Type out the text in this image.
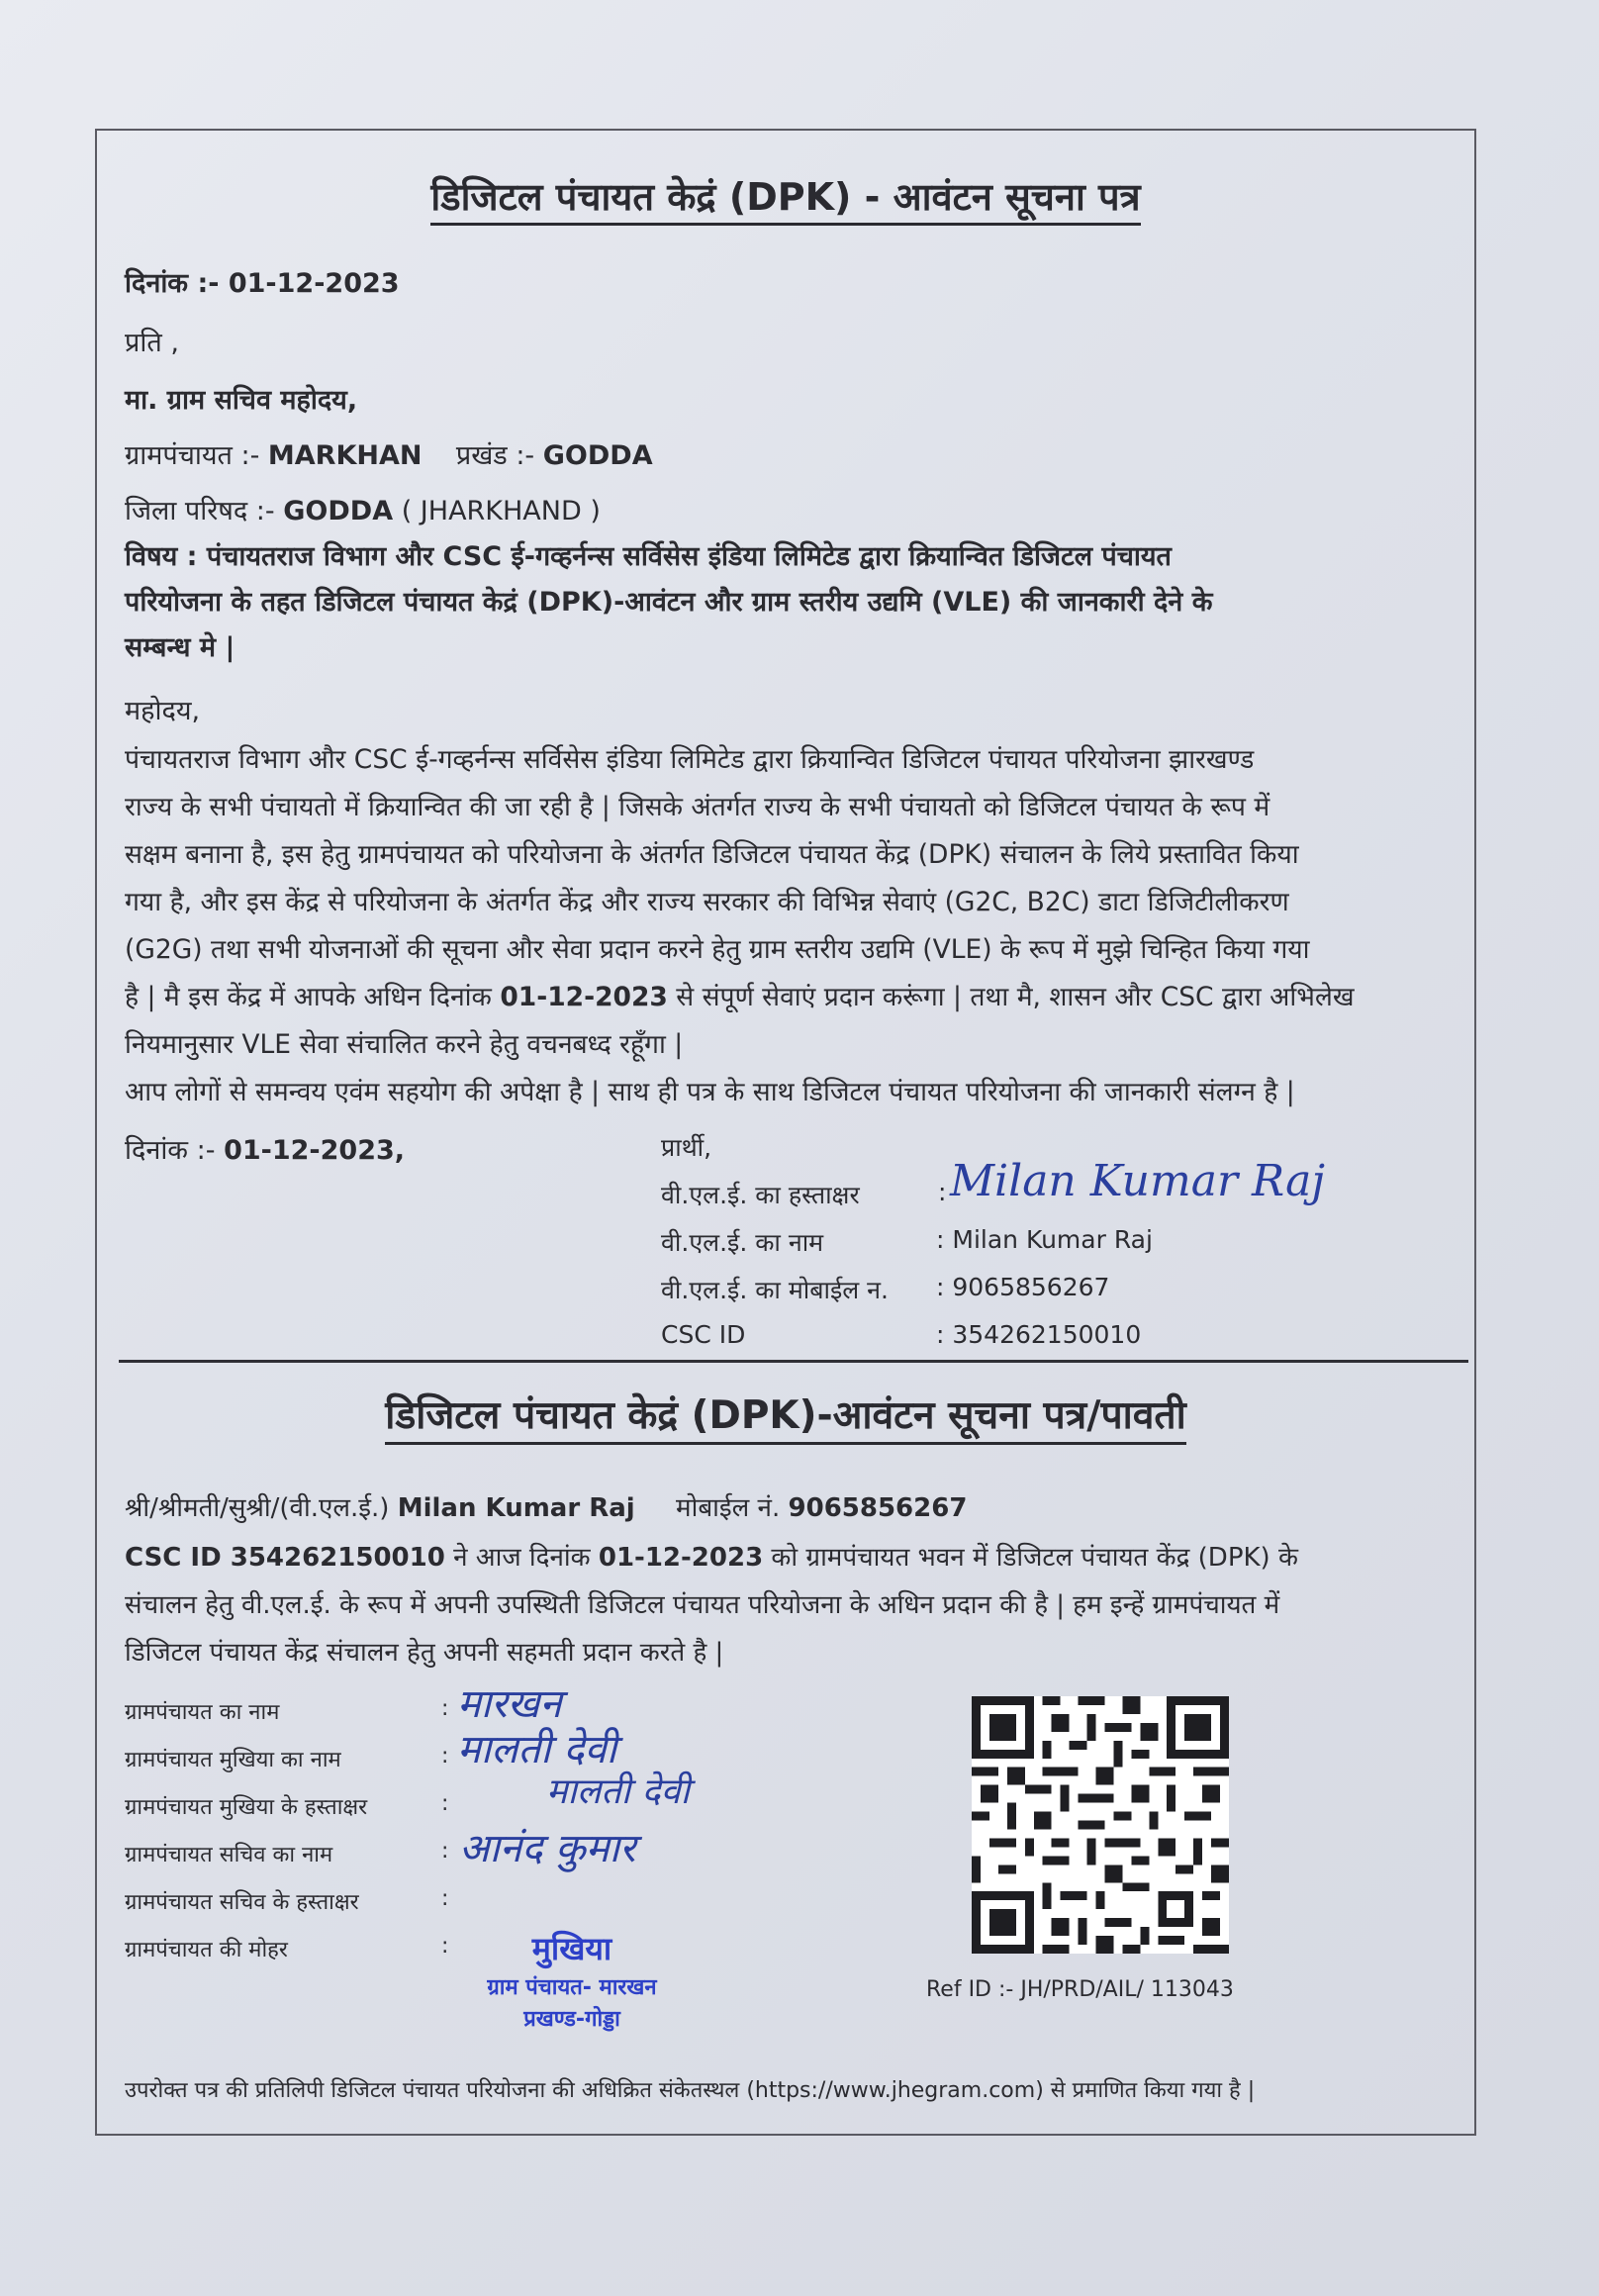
डिजिटल पंचायत केद्रं (DPK) - आवंटन सूचना पत्र
दिनांक :- 01-12-2023
प्रति ,
मा. ग्राम सचिव महोदय,
ग्रामपंचायत :- MARKHAN प्रखंड :- GODDA
जिला परिषद :- GODDA ( JHARKHAND )
विषय : पंचायतराज विभाग और CSC ई-गव्हर्नन्स सर्विसेस इंडिया लिमिटेड द्वारा क्रियान्वित डिजिटल पंचायत
परियोजना के तहत डिजिटल पंचायत केद्रं (DPK)-आवंटन और ग्राम स्तरीय उद्यमि (VLE) की जानकारी देने के
सम्बन्ध मे |
महोदय,
पंचायतराज विभाग और CSC ई-गव्हर्नन्स सर्विसेस इंडिया लिमिटेड द्वारा क्रियान्वित डिजिटल पंचायत परियोजना झारखण्ड
राज्य के सभी पंचायतो में क्रियान्वित की जा रही है | जिसके अंतर्गत राज्य के सभी पंचायतो को डिजिटल पंचायत के रूप में
सक्षम बनाना है, इस हेतु ग्रामपंचायत को परियोजना के अंतर्गत डिजिटल पंचायत केंद्र (DPK) संचालन के लिये प्रस्तावित किया
गया है, और इस केंद्र से परियोजना के अंतर्गत केंद्र और राज्य सरकार की विभिन्न सेवाएं (G2C, B2C) डाटा डिजिटीलीकरण
(G2G) तथा सभी योजनाओं की सूचना और सेवा प्रदान करने हेतु ग्राम स्तरीय उद्यमि (VLE) के रूप में मुझे चिन्हित किया गया
है | मै इस केंद्र में आपके अधिन दिनांक 01-12-2023 से संपूर्ण सेवाएं प्रदान करूंगा | तथा मै, शासन और CSC द्वारा अभिलेख
नियमानुसार VLE सेवा संचालित करने हेतु वचनबध्द रहूँगा |
आप लोगों से समन्वय एवंम सहयोग की अपेक्षा है | साथ ही पत्र के साथ डिजिटल पंचायत परियोजना की जानकारी संलग्न है |
दिनांक :- 01-12-2023,	प्रार्थी,
वी.एल.ई. का हस्ताक्षर	: Milan Kumar Raj
वी.एल.ई. का नाम	: Milan Kumar Raj
वी.एल.ई. का मोबाईल न. : 9065856267
CSC ID	: 354262150010
डिजिटल पंचायत केद्रं (DPK)-आवंटन सूचना पत्र/पावती
श्री/श्रीमती/सुश्री/(वी.एल.ई.) Milan Kumar Raj मोबाईल नं. 9065856267
CSC ID 354262150010 ने आज दिनांक 01-12-2023 को ग्रामपंचायत भवन में डिजिटल पंचायत केंद्र (DPK) के
संचालन हेतु वी.एल.ई. के रूप में अपनी उपस्थिती डिजिटल पंचायत परियोजना के अधिन प्रदान की है | हम इन्हें ग्रामपंचायत में
डिजिटल पंचायत केंद्र संचालन हेतु अपनी सहमती प्रदान करते है |
ग्रामपंचायत का नाम	: मारखन
ग्रामपंचायत मुखिया का नाम	: मालती देवी
ग्रामपंचायत मुखिया के हस्ताक्षर	:	मालती देवी
ग्रामपंचायत सचिव का नाम	: आनंद कुमार
ग्रामपंचायत सचिव के हस्ताक्षर	:
ग्रामपंचायत की मोहर	:	मुखिया
ग्राम पंचायत- मारखन
प्रखण्ड-गोड्डा
Ref ID :- JH/PRD/AIL/ 113043
उपरोक्त पत्र की प्रतिलिपी डिजिटल पंचायत परियोजना की अधिक्रित संकेतस्थल (https://www.jhegram.com) से प्रमाणित किया गया है |
